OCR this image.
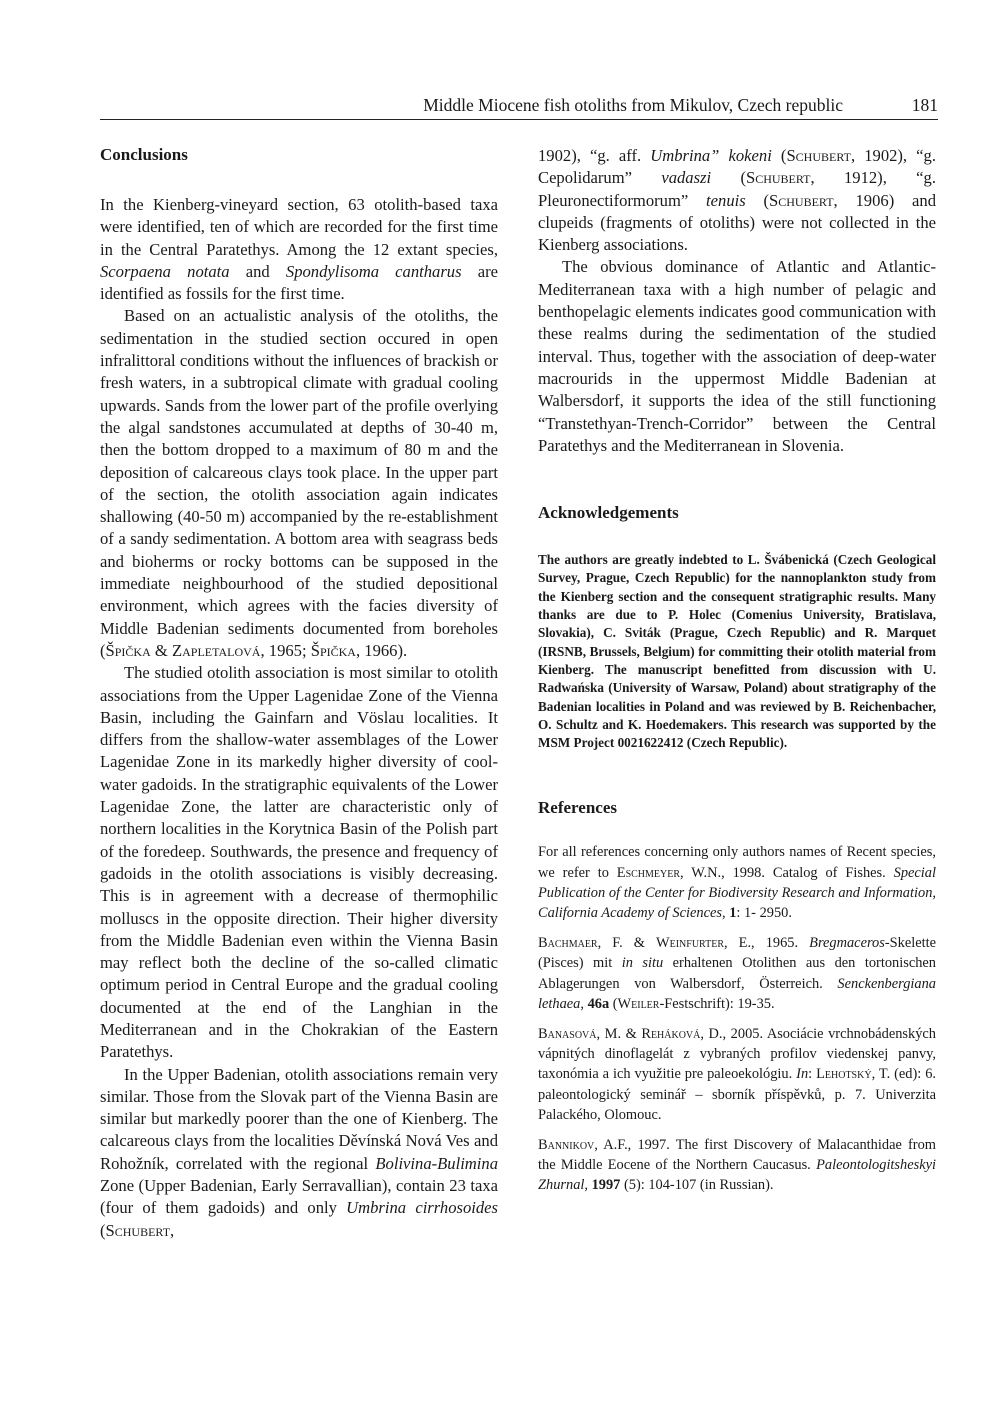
Middle Miocene fish otoliths from Mikulov, Czech republic	181
Conclusions

In the Kienberg-vineyard section, 63 otolith-based taxa were identified, ten of which are recorded for the first time in the Central Paratethys. Among the 12 extant species, Scorpaena notata and Spondylisoma cantharus are identified as fossils for the first time.

Based on an actualistic analysis of the otoliths, the sedimentation in the studied section occured in open infralittoral conditions without the influences of brackish or fresh waters, in a subtropical climate with gradual cooling upwards. Sands from the lower part of the profile overlying the algal sandstones accumulated at depths of 30-40 m, then the bottom dropped to a maximum of 80 m and the deposition of calcareous clays took place. In the upper part of the section, the otolith association again indicates shallowing (40-50 m) accompanied by the re-establishment of a sandy sedimentation. A bottom area with seagrass beds and bioherms or rocky bottoms can be supposed in the immediate neighbourhood of the studied depositional environment, which agrees with the facies diversity of Middle Badenian sediments documented from boreholes (Špička & Zapletalová, 1965; Špička, 1966).

The studied otolith association is most similar to otolith associations from the Upper Lagenidae Zone of the Vienna Basin, including the Gainfarn and Vöslau localities. It differs from the shallow-water assemblages of the Lower Lagenidae Zone in its markedly higher diversity of cool-water gadoids. In the stratigraphic equivalents of the Lower Lagenidae Zone, the latter are characteristic only of northern localities in the Korytnica Basin of the Polish part of the foredeep. Southwards, the presence and frequency of gadoids in the otolith associations is visibly decreasing. This is in agreement with a decrease of thermophilic molluscs in the opposite direction. Their higher diversity from the Middle Badenian even within the Vienna Basin may reflect both the decline of the so-called climatic optimum period in Central Europe and the gradual cooling documented at the end of the Langhian in the Mediterranean and in the Chokrakian of the Eastern Paratethys.

In the Upper Badenian, otolith associations remain very similar. Those from the Slovak part of the Vienna Basin are similar but markedly poorer than the one of Kienberg. The calcareous clays from the localities Děvínská Nová Ves and Rohožník, correlated with the regional Bolivina-Bulimina Zone (Upper Badenian, Early Serravallian), contain 23 taxa (four of them gadoids) and only Umbrina cirrhosoides (Schubert,

1902), “g. aff. Umbrina” kokeni (Schubert, 1902), “g. Cepolidarum” vadaszi (Schubert, 1912), “g. Pleuronectiformorum” tenuis (Schubert, 1906) and clupeids (fragments of otoliths) were not collected in the Kienberg associations.

The obvious dominance of Atlantic and Atlantic-Mediterranean taxa with a high number of pelagic and benthopelagic elements indicates good communication with these realms during the sedimentation of the studied interval. Thus, together with the association of deep-water macrourids in the uppermost Middle Badenian at Walbersdorf, it supports the idea of the still functioning “Transtethyan-Trench-Corridor” between the Central Paratethys and the Mediterranean in Slovenia.

Acknowledgements

The authors are greatly indebted to L. Švábenická (Czech Geological Survey, Prague, Czech Republic) for the nannoplankton study from the Kienberg section and the consequent stratigraphic results. Many thanks are due to P. Holec (Comenius University, Bratislava, Slovakia), C. Sviták (Prague, Czech Republic) and R. Marquet (IRSNB, Brussels, Belgium) for committing their otolith material from Kienberg. The manuscript benefitted from discussion with U. Radwańska (University of Warsaw, Poland) about stratigraphy of the Badenian localities in Poland and was reviewed by B. Reichenbacher, O. Schultz and K. Hoedemakers. This research was supported by the MSM Project 0021622412 (Czech Republic).

References

For all references concerning only authors names of Recent species, we refer to Eschmeyer, W.N., 1998. Catalog of Fishes. Special Publication of the Center for Biodiversity Research and Information, California Academy of Sciences, 1: 1- 2950.

Bachmaer, F. & Weinfurter, E., 1965. Bregmaceros-Skelette (Pisces) mit in situ erhaltenen Otolithen aus den tortonischen Ablagerungen von Walbersdorf, Österreich. Senckenbergiana lethaea, 46a (Weiler-Festschrift): 19-35.

Banasová, M. & Reháková, D., 2005. Asociácie vrchnobádenských vápnitých dinoflagelát z vybraných profilov viedenskej panvy, taxonómia a ich využitie pre paleoekológiu. In: Lehotský, T. (ed): 6. paleontologický seminář – sborník příspěvků, p. 7. Univerzita Palackého, Olomouc.

Bannikov, A.F., 1997. The first Discovery of Malacanthidae from the Middle Eocene of the Northern Caucasus. Paleontologitsheskyi Zhurnal, 1997 (5): 104-107 (in Russian).
